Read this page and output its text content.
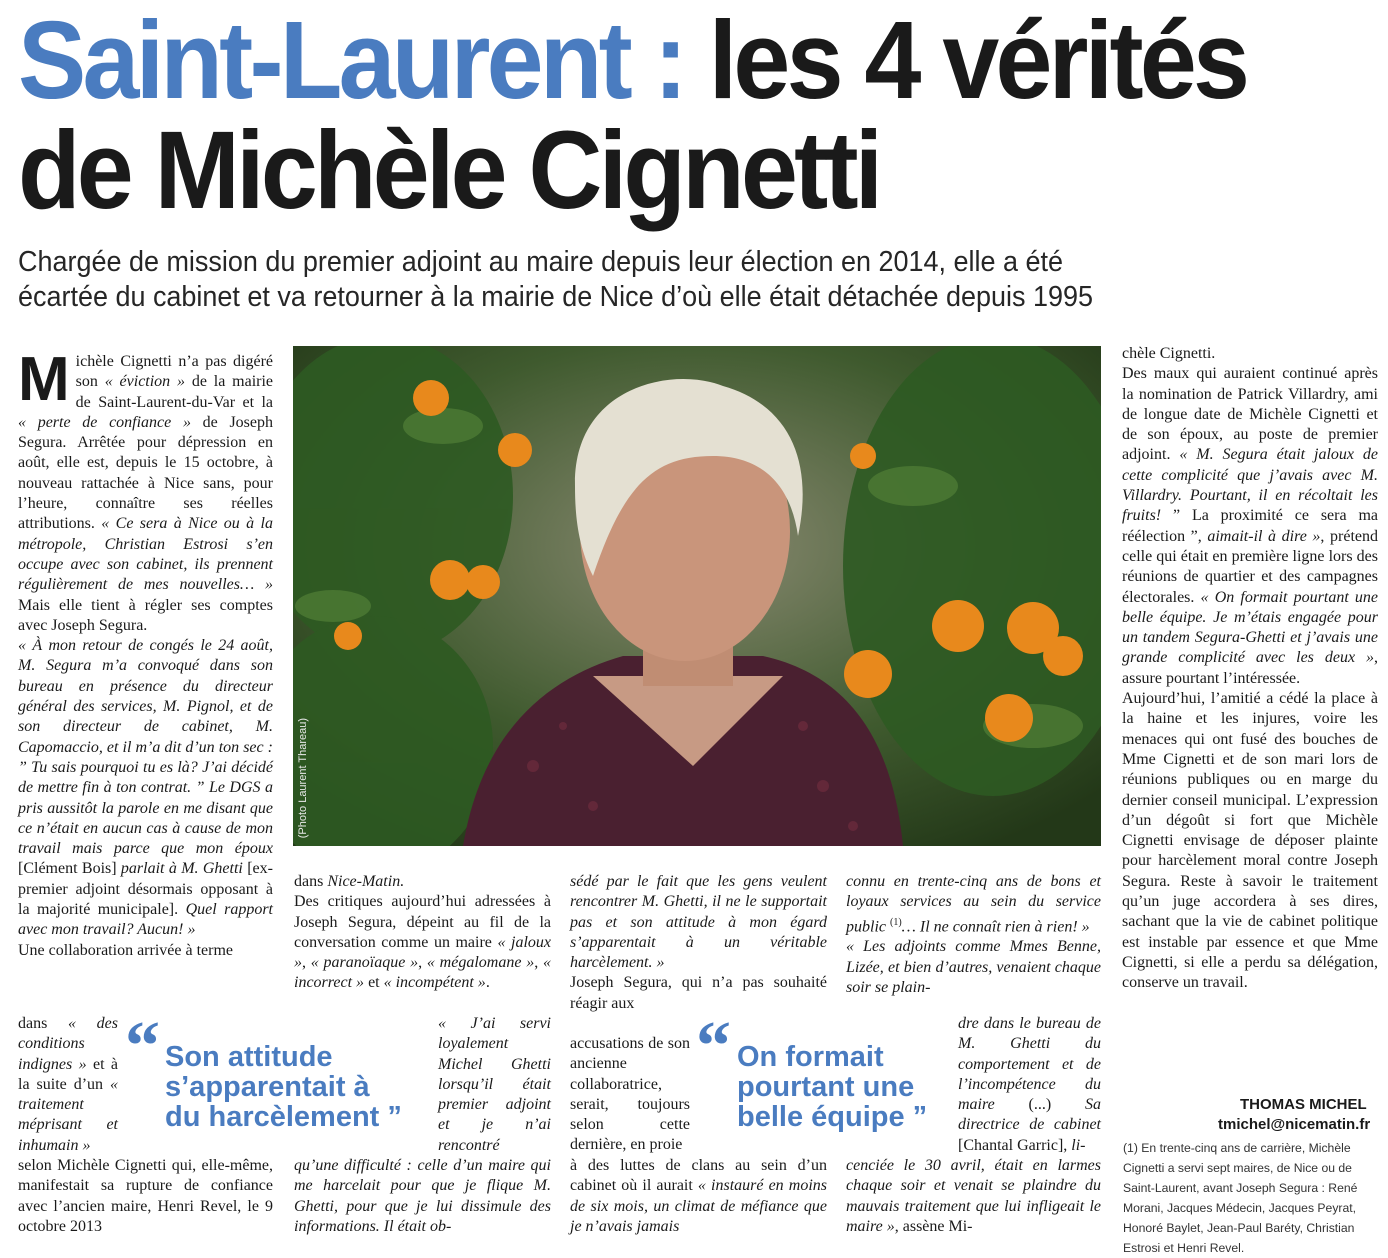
Saint-Laurent : les 4 vérités
de Michèle Cignetti
Chargée de mission du premier adjoint au maire depuis leur élection en 2014, elle a été
écartée du cabinet et va retourner à la mairie de Nice d’où elle était détachée depuis 1995
Michèle Cignetti n’a pas digéré son « éviction » de la mairie de Saint-Laurent-du-Var et la « perte de confiance » de Joseph Segura. Arrêtée pour dépression en août, elle est, depuis le 15 octobre, à nouveau rattachée à Nice sans, pour l’heure, connaître ses réelles attributions. « Ce sera à Nice ou à la métropole, Christian Estrosi s’en occupe avec son cabinet, ils prennent régulièrement de mes nouvelles… » Mais elle tient à régler ses comptes avec Joseph Segura.
« À mon retour de congés le 24 août, M. Segura m’a convoqué dans son bureau en présence du directeur général des services, M. Pignol, et de son directeur de cabinet, M. Capomaccio, et il m’a dit d’un ton sec : ” Tu sais pourquoi tu es là? J’ai décidé de mettre fin à ton contrat. ” Le DGS a pris aussitôt la parole en me disant que ce n’était en aucun cas à cause de mon travail mais parce que mon époux [Clément Bois] parlait à M. Ghetti [ex-premier adjoint désormais opposant à la majorité municipale]. Quel rapport avec mon travail? Aucun! »
Une collaboration arrivée à terme
dans « des conditions indignes » et à la suite d’un « traitement méprisant et inhumain »
selon Michèle Cignetti qui, elle-même, manifestait sa rupture de confiance avec l’ancien maire, Henri Revel, le 9 octobre 2013
(Photo Laurent Thareau)
dans Nice-Matin.
Des critiques aujourd’hui adressées à Joseph Segura, dépeint au fil de la conversation comme un maire « jaloux », « paranoïaque », « mégalomane », « incorrect » et « incompétent ».
« J’ai servi loyalement Michel Ghetti lorsqu’il était premier adjoint et je n’ai rencontré
qu’une difficulté : celle d’un maire qui me harcelait pour que je flique M. Ghetti, pour que je lui dissimule des informations. Il était ob-
“ Son attitude
s’apparentait à
du harcèlement ”
sédé par le fait que les gens veulent rencontrer M. Ghetti, il ne le supportait pas et son attitude à mon égard s’apparentait à un véritable harcèlement. »
Joseph Segura, qui n’a pas souhaité réagir aux
accusations de son ancienne collaboratrice, serait, toujours selon cette dernière, en proie
à des luttes de clans au sein d’un cabinet où il aurait « instauré en moins de six mois, un climat de méfiance que je n’avais jamais
“ On formait
pourtant une
belle équipe ”
connu en trente-cinq ans de bons et loyaux services au sein du service public $^{(1)}$… Il ne connaît rien à rien! »
« Les adjoints comme Mmes Benne, Lizée, et bien d’autres, venaient chaque soir se plain-
dre dans le bureau de M. Ghetti du comportement et de l’incompétence du maire (...) Sa directrice de cabinet [Chantal Garric], li-
cenciée le 30 avril, était en larmes chaque soir et venait se plaindre du mauvais traitement que lui infligeait le maire », assène Mi-
chèle Cignetti.
Des maux qui auraient continué après la nomination de Patrick Villardry, ami de longue date de Michèle Cignetti et de son époux, au poste de premier adjoint. « M. Segura était jaloux de cette complicité que j’avais avec M. Villardry. Pourtant, il en récoltait les fruits! ” La proximité ce sera ma réélection ”, aimait-il à dire », prétend celle qui était en première ligne lors des réunions de quartier et des campagnes électorales. « On formait pourtant une belle équipe. Je m’étais engagée pour un tandem Segura-Ghetti et j’avais une grande complicité avec les deux », assure pourtant l’intéressée.
Aujourd’hui, l’amitié a cédé la place à la haine et les injures, voire les menaces qui ont fusé des bouches de Mme Cignetti et de son mari lors de réunions publiques ou en marge du dernier conseil municipal. L’expression d’un dégoût si fort que Michèle Cignetti envisage de déposer plainte pour harcèlement moral contre Joseph Segura. Reste à savoir le traitement qu’un juge accordera à ses dires, sachant que la vie de cabinet politique est instable par essence et que Mme Cignetti, si elle a perdu sa délégation, conserve un travail.
THOMAS MICHEL
tmichel@nicematin.fr
(1) En trente-cinq ans de carrière, Michèle Cignetti a servi sept maires, de Nice ou de Saint-Laurent, avant Joseph Segura : René Morani, Jacques Médecin, Jacques Peyrat, Honoré Baylet, Jean-Paul Baréty, Christian Estrosi et Henri Revel.
